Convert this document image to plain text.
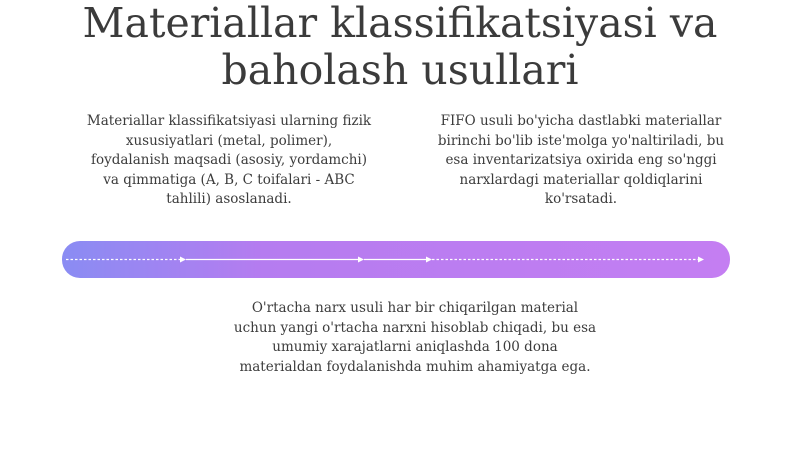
Materiallar klassifikatsiyasi va baholash usullari

Materiallar klassifikatsiyasi ularning fizik xususiyatlari (metal, polimer), foydalanish maqsadi (asosiy, yordamchi) va qimmatiga (A, B, C toifalari - ABC tahlili) asoslanadi.

FIFO usuli bo'yicha dastlabki materiallar birinchi bo'lib iste'molga yo'naltiriladi, bu esa inventarizatsiya oxirida eng so'nggi narxlardagi materiallar qoldiqlarini ko'rsatadi.

O'rtacha narx usuli har bir chiqarilgan material uchun yangi o'rtacha narxni hisoblab chiqadi, bu esa umumiy xarajatlarni aniqlashda 100 dona materialdan foydalanishda muhim ahamiyatga ega.
